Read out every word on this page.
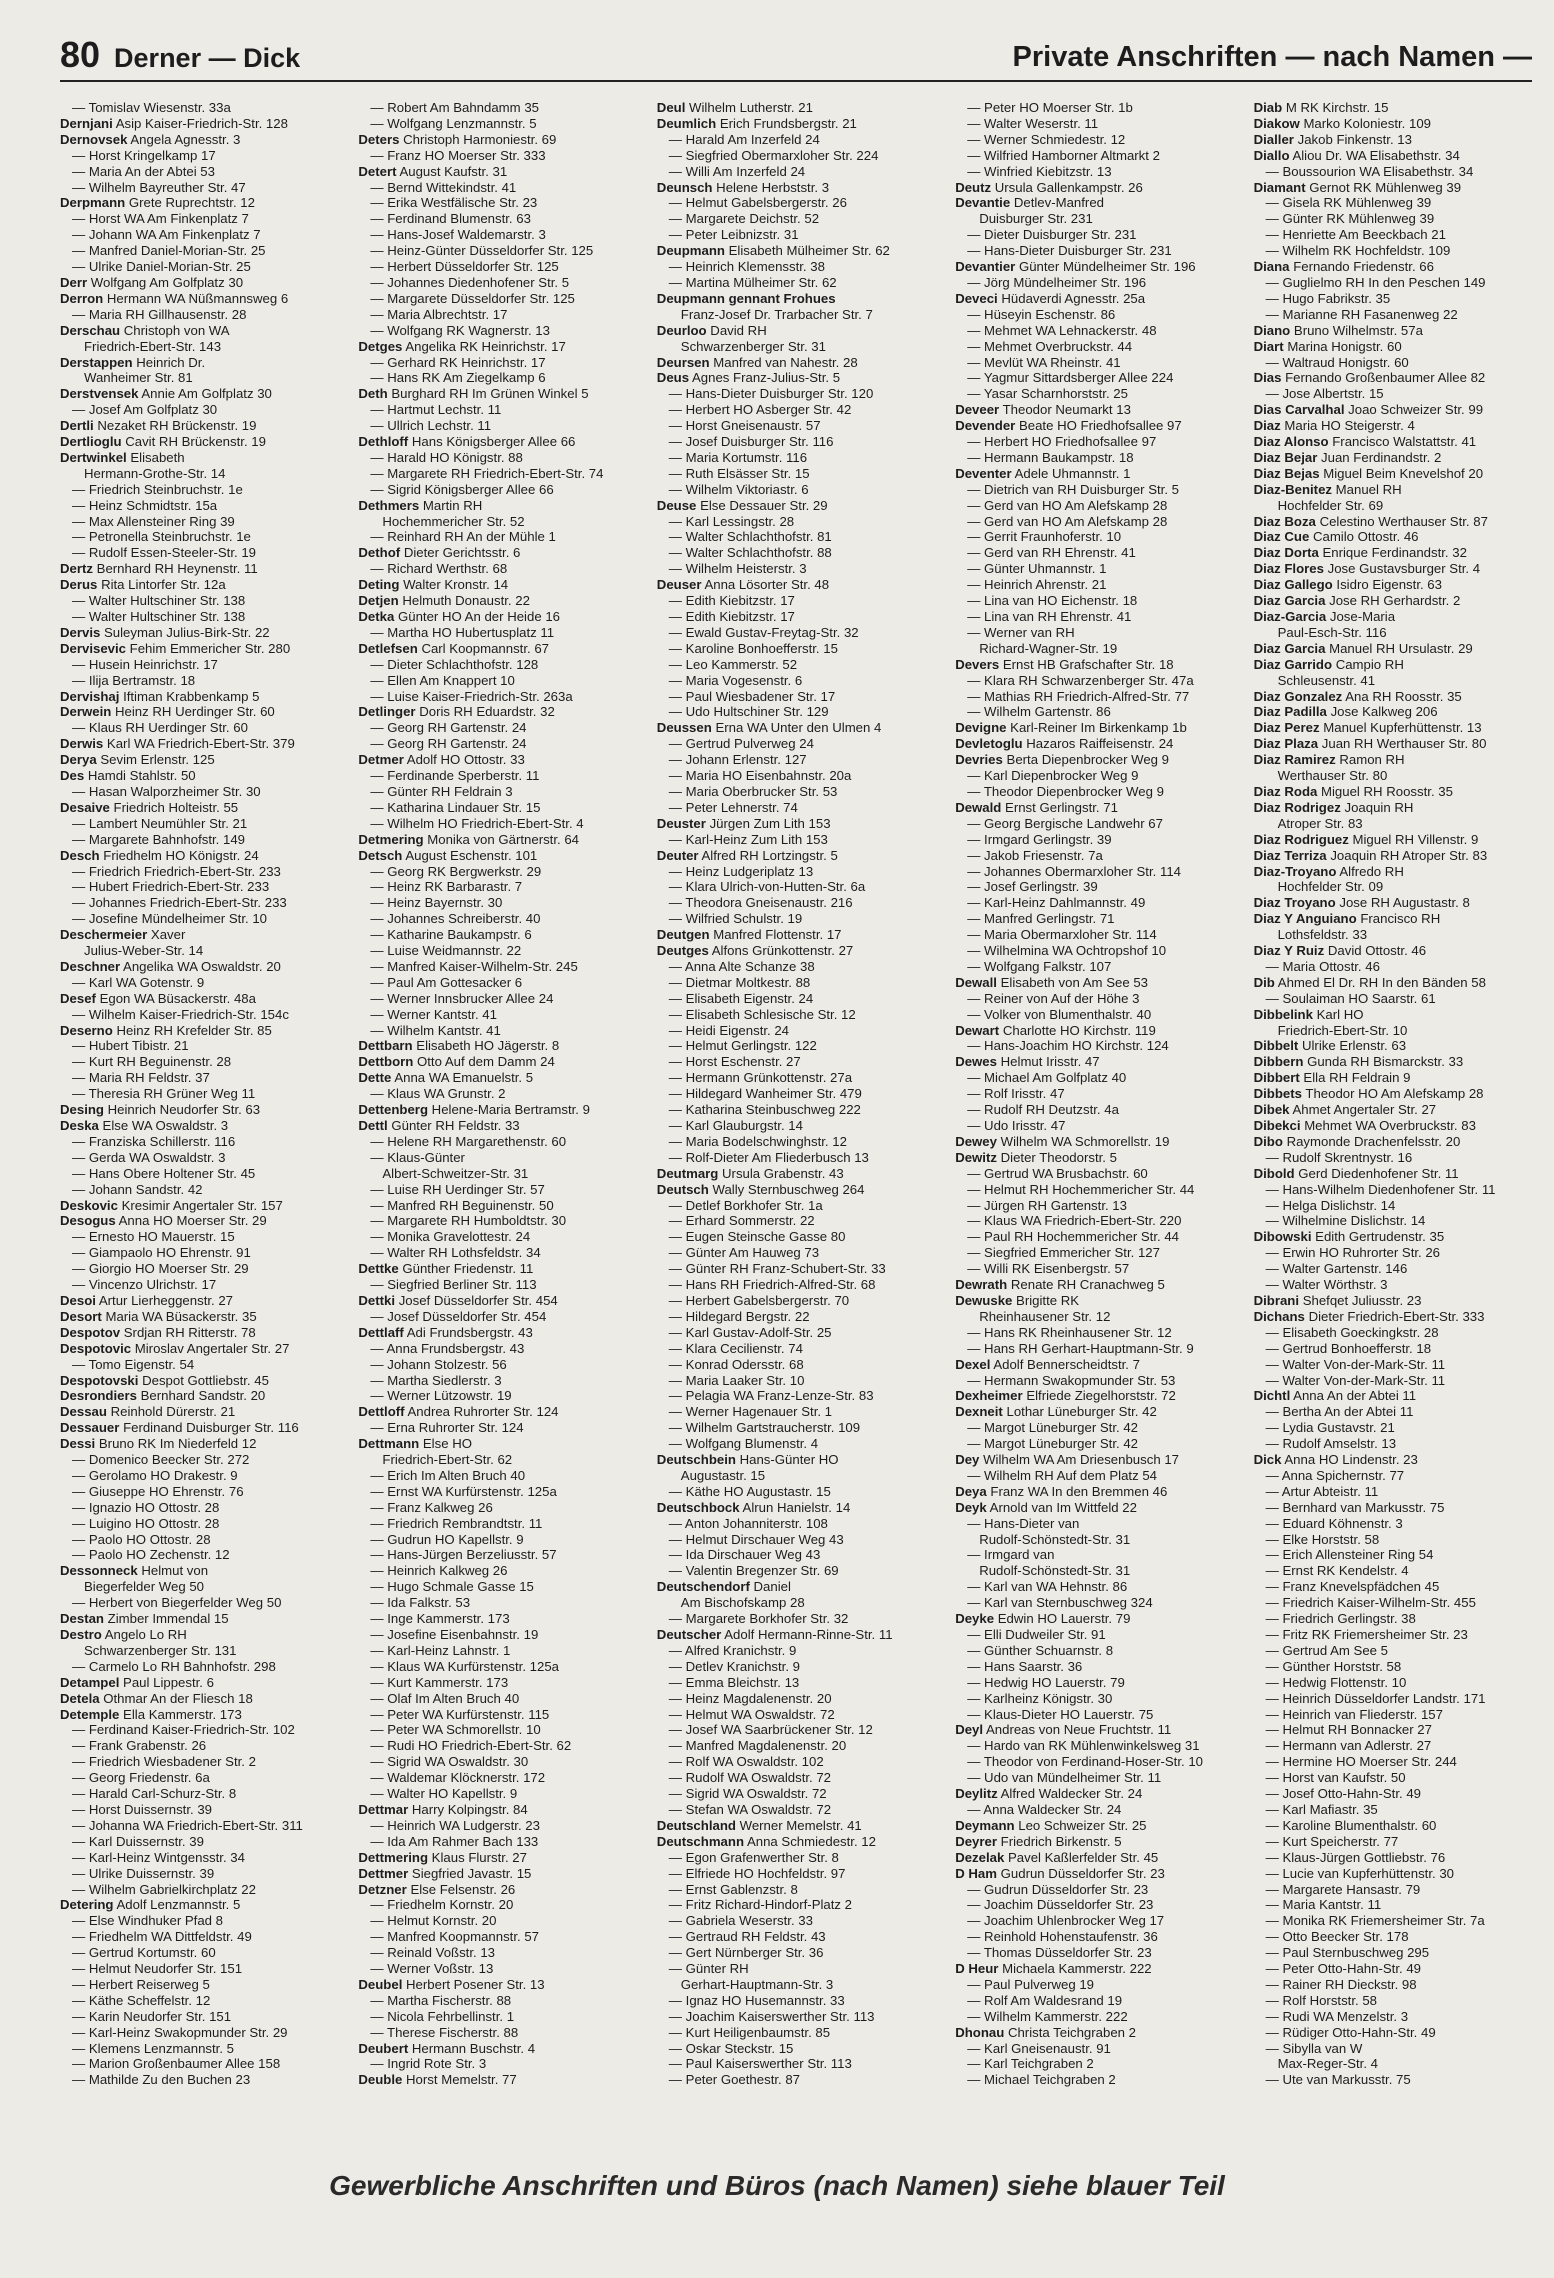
80 Derner — Dick	Private Anschriften — nach Namen —
— Tomislav Wiesenstr. 33a
Dernjani Asip Kaiser-Friedrich-Str. 128
Dernovsek Angela Agnesstr. 3
— Horst Kringelkamp 17
— Maria An der Abtei 53
— Wilhelm Bayreuther Str. 47
Derpmann Grete Ruprechtstr. 12
— Horst WA Am Finkenplatz 7
— Johann WA Am Finkenplatz 7
— Manfred Daniel-Morian-Str. 25
— Ulrike Daniel-Morian-Str. 25
Derr Wolfgang Am Golfplatz 30
Derron Hermann WA Nüßmannsweg 6
— Maria RH Gillhausenstr. 28
Derschau Christoph von WA
Friedrich-Ebert-Str. 143
Derstappen Heinrich Dr.
Wanheimer Str. 81
Derstvensek Annie Am Golfplatz 30
— Josef Am Golfplatz 30
Dertli Nezaket RH Brückenstr. 19
Dertlioglu Cavit RH Brückenstr. 19
Dertwinkel Elisabeth
Hermann-Grothe-Str. 14
— Friedrich Steinbruchstr. 1e
— Heinz Schmidtstr. 15a
— Max Allensteiner Ring 39
— Petronella Steinbruchstr. 1e
— Rudolf Essen-Steeler-Str. 19
Dertz Bernhard RH Heynenstr. 11
Derus Rita Lintorfer Str. 12a
— Walter Hultschiner Str. 138
— Walter Hultschiner Str. 138
Dervis Suleyman Julius-Birk-Str. 22
Dervisevic Fehim Emmericher Str. 280
— Husein Heinrichstr. 17
— Ilija Bertramstr. 18
Dervishaj Iftiman Krabbenkamp 5
Derwein Heinz RH Uerdinger Str. 60
— Klaus RH Uerdinger Str. 60
Derwis Karl WA Friedrich-Ebert-Str. 379
Derya Sevim Erlenstr. 125
Des Hamdi Stahlstr. 50
— Hasan Walporzheimer Str. 30
Desaive Friedrich Holteistr. 55
— Lambert Neumühler Str. 21
— Margarete Bahnhofstr. 149
Desch Friedhelm HO Königstr. 24
— Friedrich Friedrich-Ebert-Str. 233
— Hubert Friedrich-Ebert-Str. 233
— Johannes Friedrich-Ebert-Str. 233
— Josefine Mündelheimer Str. 10
Deschermeier Xaver
Julius-Weber-Str. 14
Deschner Angelika WA Oswaldstr. 20
— Karl WA Gotenstr. 9
Desef Egon WA Büsackerstr. 48a
— Wilhelm Kaiser-Friedrich-Str. 154c
Deserno Heinz RH Krefelder Str. 85
— Hubert Tibistr. 21
— Kurt RH Beguinenstr. 28
— Maria RH Feldstr. 37
— Theresia RH Grüner Weg 11
Desing Heinrich Neudorfer Str. 63
Deska Else WA Oswaldstr. 3
— Franziska Schillerstr. 116
— Gerda WA Oswaldstr. 3
— Hans Obere Holtener Str. 45
— Johann Sandstr. 42
Deskovic Kresimir Angertaler Str. 157
Desogus Anna HO Moerser Str. 29
— Ernesto HO Mauerstr. 15
— Giampaolo HO Ehrenstr. 91
— Giorgio HO Moerser Str. 29
— Vincenzo Ulrichstr. 17
Desoi Artur Lierheggenstr. 27
Desort Maria WA Büsackerstr. 35
Despotov Srdjan RH Ritterstr. 78
Despotovic Miroslav Angertaler Str. 27
— Tomo Eigenstr. 54
Despotovski Despot Gottliebstr. 45
Desrondiers Bernhard Sandstr. 20
Dessau Reinhold Dürerstr. 21
Dessauer Ferdinand Duisburger Str. 116
Dessi Bruno RK Im Niederfeld 12
— Domenico Beecker Str. 272
— Gerolamo HO Drakestr. 9
— Giuseppe HO Ehrenstr. 76
— Ignazio HO Ottostr. 28
— Luigino HO Ottostr. 28
— Paolo HO Ottostr. 28
— Paolo HO Zechenstr. 12
Dessonneck Helmut von
Biegerfelder Weg 50
— Herbert von Biegerfelder Weg 50
Destan Zimber Immendal 15
Destro Angelo Lo RH
Schwarzenberger Str. 131
— Carmelo Lo RH Bahnhofstr. 298
Detampel Paul Lippestr. 6
Detela Othmar An der Fliesch 18
Detemple Ella Kammerstr. 173
— Ferdinand Kaiser-Friedrich-Str. 102
— Frank Grabenstr. 26
— Friedrich Wiesbadener Str. 2
— Georg Friedenstr. 6a
— Harald Carl-Schurz-Str. 8
— Horst Duissernstr. 39
— Johanna WA Friedrich-Ebert-Str. 311
— Karl Duissernstr. 39
— Karl-Heinz Wintgensstr. 34
— Ulrike Duissernstr. 39
— Wilhelm Gabrielkirchplatz 22
Detering Adolf Lenzmannstr. 5
— Else Windhuker Pfad 8
— Friedhelm WA Dittfeldstr. 49
— Gertrud Kortumstr. 60
— Helmut Neudorfer Str. 151
— Herbert Reiserweg 5
— Käthe Scheffelstr. 12
— Karin Neudorfer Str. 151
— Karl-Heinz Swakopmunder Str. 29
— Klemens Lenzmannstr. 5
— Marion Großenbaumer Allee 158
— Mathilde Zu den Buchen 23
— Robert Am Bahndamm 35
— Wolfgang Lenzmannstr. 5
Deters Christoph Harmoniestr. 69
— Franz HO Moerser Str. 333
Detert August Kaufstr. 31
— Bernd Wittekindstr. 41
— Erika Westfälische Str. 23
— Ferdinand Blumenstr. 63
— Hans-Josef Waldemarstr. 3
— Heinz-Günter Düsseldorfer Str. 125
— Herbert Düsseldorfer Str. 125
— Johannes Diedenhofener Str. 5
— Margarete Düsseldorfer Str. 125
— Maria Albrechtstr. 17
— Wolfgang RK Wagnerstr. 13
Detges Angelika RK Heinrichstr. 17
— Gerhard RK Heinrichstr. 17
— Hans RK Am Ziegelkamp 6
Deth Burghard RH Im Grünen Winkel 5
— Hartmut Lechstr. 11
— Ullrich Lechstr. 11
Dethloff Hans Königsberger Allee 66
— Harald HO Königstr. 88
— Margarete RH Friedrich-Ebert-Str. 74
— Sigrid Königsberger Allee 66
Dethmers Martin RH
Hochemmericher Str. 52
— Reinhard RH An der Mühle 1
Dethof Dieter Gerichtsstr. 6
— Richard Werthstr. 68
Deting Walter Kronstr. 14
Detjen Helmuth Donaustr. 22
Detka Günter HO An der Heide 16
— Martha HO Hubertusplatz 11
Detlefsen Carl Koopmannstr. 67
— Dieter Schlachthofstr. 128
— Ellen Am Knappert 10
— Luise Kaiser-Friedrich-Str. 263a
Detlinger Doris RH Eduardstr. 32
— Georg RH Gartenstr. 24
— Georg RH Gartenstr. 24
Detmer Adolf HO Ottostr. 33
— Ferdinande Sperberstr. 11
— Günter RH Feldrain 3
— Katharina Lindauer Str. 15
— Wilhelm HO Friedrich-Ebert-Str. 4
Detmering Monika von Gärtnerstr. 64
Detsch August Eschenstr. 101
— Georg RK Bergwerkstr. 29
— Heinz RK Barbarastr. 7
— Heinz Bayernstr. 30
— Johannes Schreiberstr. 40
— Katharine Baukampstr. 6
— Luise Weidmannstr. 22
— Manfred Kaiser-Wilhelm-Str. 245
— Paul Am Gottesacker 6
— Werner Innsbrucker Allee 24
— Werner Kantstr. 41
— Wilhelm Kantstr. 41
Dettbarn Elisabeth HO Jägerstr. 8
Dettborn Otto Auf dem Damm 24
Dette Anna WA Emanuelstr. 5
— Klaus WA Grunstr. 2
Dettenberg Helene-Maria Bertramstr. 9
Dettl Günter RH Feldstr. 33
— Helene RH Margarethenstr. 60
— Klaus-Günter
Albert-Schweitzer-Str. 31
— Luise RH Uerdinger Str. 57
— Manfred RH Beguinenstr. 50
— Margarete RH Humboldtstr. 30
— Monika Gravelottestr. 24
— Walter RH Lothsfeldstr. 34
Dettke Günther Friedenstr. 11
— Siegfried Berliner Str. 113
Dettki Josef Düsseldorfer Str. 454
— Josef Düsseldorfer Str. 454
Dettlaff Adi Frundsbergstr. 43
— Anna Frundsbergstr. 43
— Johann Stolzestr. 56
— Martha Siedlerstr. 3
— Werner Lützowstr. 19
Dettloff Andrea Ruhrorter Str. 124
— Erna Ruhrorter Str. 124
Dettmann Else HO
Friedrich-Ebert-Str. 62
— Erich Im Alten Bruch 40
— Ernst WA Kurfürstenstr. 125a
— Franz Kalkweg 26
— Friedrich Rembrandtstr. 11
— Gudrun HO Kapellstr. 9
— Hans-Jürgen Berzeliusstr. 57
— Heinrich Kalkweg 26
— Hugo Schmale Gasse 15
— Ida Falkstr. 53
— Inge Kammerstr. 173
— Josefine Eisenbahnstr. 19
— Karl-Heinz Lahnstr. 1
— Klaus WA Kurfürstenstr. 125a
— Kurt Kammerstr. 173
— Olaf Im Alten Bruch 40
— Peter WA Kurfürstenstr. 115
— Peter WA Schmorellstr. 10
— Rudi HO Friedrich-Ebert-Str. 62
— Sigrid WA Oswaldstr. 30
— Waldemar Klöcknerstr. 172
— Walter HO Kapellstr. 9
Dettmar Harry Kolpingstr. 84
— Heinrich WA Ludgerstr. 23
— Ida Am Rahmer Bach 133
Dettmering Klaus Flurstr. 27
Dettmer Siegfried Javastr. 15
Detzner Else Felsenstr. 26
— Friedhelm Kornstr. 20
— Helmut Kornstr. 20
— Manfred Koopmannstr. 57
— Reinald Voßstr. 13
— Werner Voßstr. 13
Deubel Herbert Posener Str. 13
— Martha Fischerstr. 88
— Nicola Fehrbellinstr. 1
— Therese Fischerstr. 88
Deubert Hermann Buschstr. 4
— Ingrid Rote Str. 3
Deuble Horst Memelstr. 77
Deul Wilhelm Lutherstr. 21
Deumlich Erich Frundsbergstr. 21
— Harald Am Inzerfeld 24
— Siegfried Obermarxloher Str. 224
— Willi Am Inzerfeld 24
Deunsch Helene Herbststr. 3
— Helmut Gabelsbergerstr. 26
— Margarete Deichstr. 52
— Peter Leibnizstr. 31
Deupmann Elisabeth Mülheimer Str. 62
— Heinrich Klemensstr. 38
— Martina Mülheimer Str. 62
Deupmann gennant Frohues
Franz-Josef Dr. Trarbacher Str. 7
Deurloo David RH
Schwarzenberger Str. 31
Deursen Manfred van Nahestr. 28
Deus Agnes Franz-Julius-Str. 5
— Hans-Dieter Duisburger Str. 120
— Herbert HO Asberger Str. 42
— Horst Gneisenaustr. 57
— Josef Duisburger Str. 116
— Maria Kortumstr. 116
— Ruth Elsässer Str. 15
— Wilhelm Viktoriastr. 6
Deuse Else Dessauer Str. 29
— Karl Lessingstr. 28
— Walter Schlachthofstr. 81
— Walter Schlachthofstr. 88
— Wilhelm Heisterstr. 3
Deuser Anna Lösorter Str. 48
— Edith Kiebitzstr. 17
— Edith Kiebitzstr. 17
— Ewald Gustav-Freytag-Str. 32
— Karoline Bonhoefferstr. 15
— Leo Kammerstr. 52
— Maria Vogesenstr. 6
— Paul Wiesbadener Str. 17
— Udo Hultschiner Str. 129
Deussen Erna WA Unter den Ulmen 4
— Gertrud Pulverweg 24
— Johann Erlenstr. 127
— Maria HO Eisenbahnstr. 20a
— Maria Oberbrucker Str. 53
— Peter Lehnerstr. 74
Deuster Jürgen Zum Lith 153
— Karl-Heinz Zum Lith 153
Deuter Alfred RH Lortzingstr. 5
— Heinz Ludgeriplatz 13
— Klara Ulrich-von-Hutten-Str. 6a
— Theodora Gneisenaustr. 216
— Wilfried Schulstr. 19
Deutgen Manfred Flottenstr. 17
Deutges Alfons Grünkottenstr. 27
— Anna Alte Schanze 38
— Dietmar Moltkestr. 88
— Elisabeth Eigenstr. 24
— Elisabeth Schlesische Str. 12
— Heidi Eigenstr. 24
— Helmut Gerlingstr. 122
— Horst Eschenstr. 27
— Hermann Grünkottenstr. 27a
— Hildegard Wanheimer Str. 479
— Katharina Steinbuschweg 222
— Karl Glauburgstr. 14
— Maria Bodelschwinghstr. 12
— Rolf-Dieter Am Fliederbusch 13
Deutmarg Ursula Grabenstr. 43
Deutsch Wally Sternbuschweg 264
— Detlef Borkhofer Str. 1a
— Erhard Sommerstr. 22
— Eugen Steinsche Gasse 80
— Günter Am Hauweg 73
— Günter RH Franz-Schubert-Str. 33
— Hans RH Friedrich-Alfred-Str. 68
— Herbert Gabelsbergerstr. 70
— Hildegard Bergstr. 22
— Karl Gustav-Adolf-Str. 25
— Klara Cecilienstr. 74
— Konrad Odersstr. 68
— Maria Laaker Str. 10
— Pelagia WA Franz-Lenze-Str. 83
— Werner Hagenauer Str. 1
— Wilhelm Gartstraucherstr. 109
— Wolfgang Blumenstr. 4
Deutschbein Hans-Günter HO
Augustastr. 15
— Käthe HO Augustastr. 15
Deutschbock Alrun Hanielstr. 14
— Anton Johanniterstr. 108
— Helmut Dirschauer Weg 43
— Ida Dirschauer Weg 43
— Valentin Bregenzer Str. 69
Deutschendorf Daniel
Am Bischofskamp 28
— Margarete Borkhofer Str. 32
Deutscher Adolf Hermann-Rinne-Str. 11
— Alfred Kranichstr. 9
— Detlev Kranichstr. 9
— Emma Bleichstr. 13
— Heinz Magdalenenstr. 20
— Helmut WA Oswaldstr. 72
— Josef WA Saarbrückener Str. 12
— Manfred Magdalenenstr. 20
— Rolf WA Oswaldstr. 102
— Rudolf WA Oswaldstr. 72
— Sigrid WA Oswaldstr. 72
— Stefan WA Oswaldstr. 72
Deutschland Werner Memelstr. 41
Deutschmann Anna Schmiedestr. 12
— Egon Grafenwerther Str. 8
— Elfriede HO Hochfeldstr. 97
— Ernst Gablenzstr. 8
— Fritz Richard-Hindorf-Platz 2
— Gabriela Weserstr. 33
— Gertraud RH Feldstr. 43
— Gert Nürnberger Str. 36
— Günter RH
Gerhart-Hauptmann-Str. 3
— Ignaz HO Husemannstr. 33
— Joachim Kaiserswerther Str. 113
— Kurt Heiligenbaumstr. 85
— Oskar Steckstr. 15
— Paul Kaiserswerther Str. 113
— Peter Goethestr. 87
— Peter HO Moerser Str. 1b
— Walter Weserstr. 11
— Werner Schmiedestr. 12
— Wilfried Hamborner Altmarkt 2
— Winfried Kiebitzstr. 13
Deutz Ursula Gallenkampstr. 26
Devantie Detlev-Manfred
Duisburger Str. 231
— Dieter Duisburger Str. 231
— Hans-Dieter Duisburger Str. 231
Devantier Günter Mündelheimer Str. 196
— Jörg Mündelheimer Str. 196
Deveci Hüdaverdi Agnesstr. 25a
— Hüseyin Eschenstr. 86
— Mehmet WA Lehnackerstr. 48
— Mehmet Overbruckstr. 44
— Mevlüt WA Rheinstr. 41
— Yagmur Sittardsberger Allee 224
— Yasar Scharnhorststr. 25
Deveer Theodor Neumarkt 13
Devender Beate HO Friedhofsallee 97
— Herbert HO Friedhofsallee 97
— Hermann Baukampstr. 18
Deventer Adele Uhmannstr. 1
— Dietrich van RH Duisburger Str. 5
— Gerd van HO Am Alefskamp 28
— Gerd van HO Am Alefskamp 28
— Gerrit Fraunhoferstr. 10
— Gerd van RH Ehrenstr. 41
— Günter Uhmannstr. 1
— Heinrich Ahrenstr. 21
— Lina van HO Eichenstr. 18
— Lina van RH Ehrenstr. 41
— Werner van RH
Richard-Wagner-Str. 19
Devers Ernst HB Grafschafter Str. 18
— Klara RH Schwarzenberger Str. 47a
— Mathias RH Friedrich-Alfred-Str. 77
— Wilhelm Gartenstr. 86
Devigne Karl-Reiner Im Birkenkamp 1b
Devletoglu Hazaros Raiffeisenstr. 24
Devries Berta Diepenbrocker Weg 9
— Karl Diepenbrocker Weg 9
— Theodor Diepenbrocker Weg 9
Dewald Ernst Gerlingstr. 71
— Georg Bergische Landwehr 67
— Irmgard Gerlingstr. 39
— Jakob Friesenstr. 7a
— Johannes Obermarxloher Str. 114
— Josef Gerlingstr. 39
— Karl-Heinz Dahlmannstr. 49
— Manfred Gerlingstr. 71
— Maria Obermarxloher Str. 114
— Wilhelmina WA Ochtropshof 10
— Wolfgang Falkstr. 107
Dewall Elisabeth von Am See 53
— Reiner von Auf der Höhe 3
— Volker von Blumenthalstr. 40
Dewart Charlotte HO Kirchstr. 119
— Hans-Joachim HO Kirchstr. 124
Dewes Helmut Irisstr. 47
— Michael Am Golfplatz 40
— Rolf Irisstr. 47
— Rudolf RH Deutzstr. 4a
— Udo Irisstr. 47
Dewey Wilhelm WA Schmorellstr. 19
Dewitz Dieter Theodorstr. 5
— Gertrud WA Brusbachstr. 60
— Helmut RH Hochemmericher Str. 44
— Jürgen RH Gartenstr. 13
— Klaus WA Friedrich-Ebert-Str. 220
— Paul RH Hochemmericher Str. 44
— Siegfried Emmericher Str. 127
— Willi RK Eisenbergstr. 57
Dewrath Renate RH Cranachweg 5
Dewuske Brigitte RK
Rheinhausener Str. 12
— Hans RK Rheinhausener Str. 12
— Hans RH Gerhart-Hauptmann-Str. 9
Dexel Adolf Bennerscheidtstr. 7
— Hermann Swakopmunder Str. 53
Dexheimer Elfriede Ziegelhorststr. 72
Dexneit Lothar Lüneburger Str. 42
— Margot Lüneburger Str. 42
— Margot Lüneburger Str. 42
Dey Wilhelm WA Am Driesenbusch 17
— Wilhelm RH Auf dem Platz 54
Deya Franz WA In den Bremmen 46
Deyk Arnold van Im Wittfeld 22
— Hans-Dieter van
Rudolf-Schönstedt-Str. 31
— Irmgard van
Rudolf-Schönstedt-Str. 31
— Karl van WA Hehnstr. 86
— Karl van Sternbuschweg 324
Deyke Edwin HO Lauerstr. 79
— Elli Dudweiler Str. 91
— Günther Schuarnstr. 8
— Hans Saarstr. 36
— Hedwig HO Lauerstr. 79
— Karlheinz Königstr. 30
— Klaus-Dieter HO Lauerstr. 75
Deyl Andreas von Neue Fruchtstr. 11
— Hardo van RK Mühlenwinkelsweg 31
— Theodor von Ferdinand-Hoser-Str. 10
— Udo van Mündelheimer Str. 11
Deylitz Alfred Waldecker Str. 24
— Anna Waldecker Str. 24
Deymann Leo Schweizer Str. 25
Deyrer Friedrich Birkenstr. 5
Dezelak Pavel Kaßlerfelder Str. 45
D Ham Gudrun Düsseldorfer Str. 23
— Gudrun Düsseldorfer Str. 23
— Joachim Düsseldorfer Str. 23
— Joachim Uhlenbrocker Weg 17
— Reinhold Hohenstaufenstr. 36
— Thomas Düsseldorfer Str. 23
D Heur Michaela Kammerstr. 222
— Paul Pulverweg 19
— Rolf Am Waldesrand 19
— Wilhelm Kammerstr. 222
Dhonau Christa Teichgraben 2
— Karl Gneisenaustr. 91
— Karl Teichgraben 2
— Michael Teichgraben 2
Diab M RK Kirchstr. 15
Diakow Marko Koloniestr. 109
Dialler Jakob Finkenstr. 13
Diallo Aliou Dr. WA Elisabethstr. 34
— Boussourion WA Elisabethstr. 34
Diamant Gernot RK Mühlenweg 39
— Gisela RK Mühlenweg 39
— Günter RK Mühlenweg 39
— Henriette Am Beeckbach 21
— Wilhelm RK Hochfeldstr. 109
Diana Fernando Friedenstr. 66
— Guglielmo RH In den Peschen 149
— Hugo Fabrikstr. 35
— Marianne RH Fasanenweg 22
Diano Bruno Wilhelmstr. 57a
Diart Marina Honigstr. 60
— Waltraud Honigstr. 60
Dias Fernando Großenbaumer Allee 82
— Jose Albertstr. 15
Dias Carvalhal Joao Schweizer Str. 99
Diaz Maria HO Steigerstr. 4
Diaz Alonso Francisco Walstattstr. 41
Diaz Bejar Juan Ferdinandstr. 2
Diaz Bejas Miguel Beim Knevelshof 20
Diaz-Benitez Manuel RH
Hochfelder Str. 69
Diaz Boza Celestino Werthauser Str. 87
Diaz Cue Camilo Ottostr. 46
Diaz Dorta Enrique Ferdinandstr. 32
Diaz Flores Jose Gustavsburger Str. 4
Diaz Gallego Isidro Eigenstr. 63
Diaz Garcia Jose RH Gerhardstr. 2
Diaz-Garcia Jose-Maria
Paul-Esch-Str. 116
Diaz Garcia Manuel RH Ursulastr. 29
Diaz Garrido Campio RH
Schleusenstr. 41
Diaz Gonzalez Ana RH Roosstr. 35
Diaz Padilla Jose Kalkweg 206
Diaz Perez Manuel Kupferhüttenstr. 13
Diaz Plaza Juan RH Werthauser Str. 80
Diaz Ramirez Ramon RH
Werthauser Str. 80
Diaz Roda Miguel RH Roosstr. 35
Diaz Rodrigez Joaquin RH
Atroper Str. 83
Diaz Rodriguez Miguel RH Villenstr. 9
Diaz Terriza Joaquin RH Atroper Str. 83
Diaz-Troyano Alfredo RH
Hochfelder Str. 09
Diaz Troyano Jose RH Augustastr. 8
Diaz Y Anguiano Francisco RH
Lothsfeldstr. 33
Diaz Y Ruiz David Ottostr. 46
— Maria Ottostr. 46
Dib Ahmed El Dr. RH In den Bänden 58
— Soulaiman HO Saarstr. 61
Dibbelink Karl HO
Friedrich-Ebert-Str. 10
Dibbelt Ulrike Erlenstr. 63
Dibbern Gunda RH Bismarckstr. 33
Dibbert Ella RH Feldrain 9
Dibbets Theodor HO Am Alefskamp 28
Dibek Ahmet Angertaler Str. 27
Dibekci Mehmet WA Overbruckstr. 83
Dibo Raymonde Drachenfelsstr. 20
— Rudolf Skrentnystr. 16
Dibold Gerd Diedenhofener Str. 11
— Hans-Wilhelm Diedenhofener Str. 11
— Helga Dislichstr. 14
— Wilhelmine Dislichstr. 14
Dibowski Edith Gertrudenstr. 35
— Erwin HO Ruhrorter Str. 26
— Walter Gartenstr. 146
— Walter Wörthstr. 3
Dibrani Shefqet Juliusstr. 23
Dichans Dieter Friedrich-Ebert-Str. 333
— Elisabeth Goeckingkstr. 28
— Gertrud Bonhoefferstr. 18
— Walter Von-der-Mark-Str. 11
— Walter Von-der-Mark-Str. 11
Dichtl Anna An der Abtei 11
— Bertha An der Abtei 11
— Lydia Gustavstr. 21
— Rudolf Amselstr. 13
Dick Anna HO Lindenstr. 23
— Anna Spichernstr. 77
— Artur Abteistr. 11
— Bernhard van Markusstr. 75
— Eduard Köhnenstr. 3
— Elke Horststr. 58
— Erich Allensteiner Ring 54
— Ernst RK Kendelstr. 4
— Franz Knevelspfädchen 45
— Friedrich Kaiser-Wilhelm-Str. 455
— Friedrich Gerlingstr. 38
— Fritz RK Friemersheimer Str. 23
— Gertrud Am See 5
— Günther Horststr. 58
— Hedwig Flottenstr. 10
— Heinrich Düsseldorfer Landstr. 171
— Heinrich van Fliederstr. 157
— Helmut RH Bonnacker 27
— Hermann van Adlerstr. 27
— Hermine HO Moerser Str. 244
— Horst van Kaufstr. 50
— Josef Otto-Hahn-Str. 49
— Karl Mafiastr. 35
— Karoline Blumenthalstr. 60
— Kurt Speicherstr. 77
— Klaus-Jürgen Gottliebstr. 76
— Lucie van Kupferhüttenstr. 30
— Margarete Hansastr. 79
— Maria Kantstr. 11
— Monika RK Friemersheimer Str. 7a
— Otto Beecker Str. 178
— Paul Sternbuschweg 295
— Peter Otto-Hahn-Str. 49
— Rainer RH Dieckstr. 98
— Rolf Horststr. 58
— Rudi WA Menzelstr. 3
— Rüdiger Otto-Hahn-Str. 49
— Sibylla van W
Max-Reger-Str. 4
— Ute van Markusstr. 75
Gewerbliche Anschriften und Büros (nach Namen) siehe blauer Teil
